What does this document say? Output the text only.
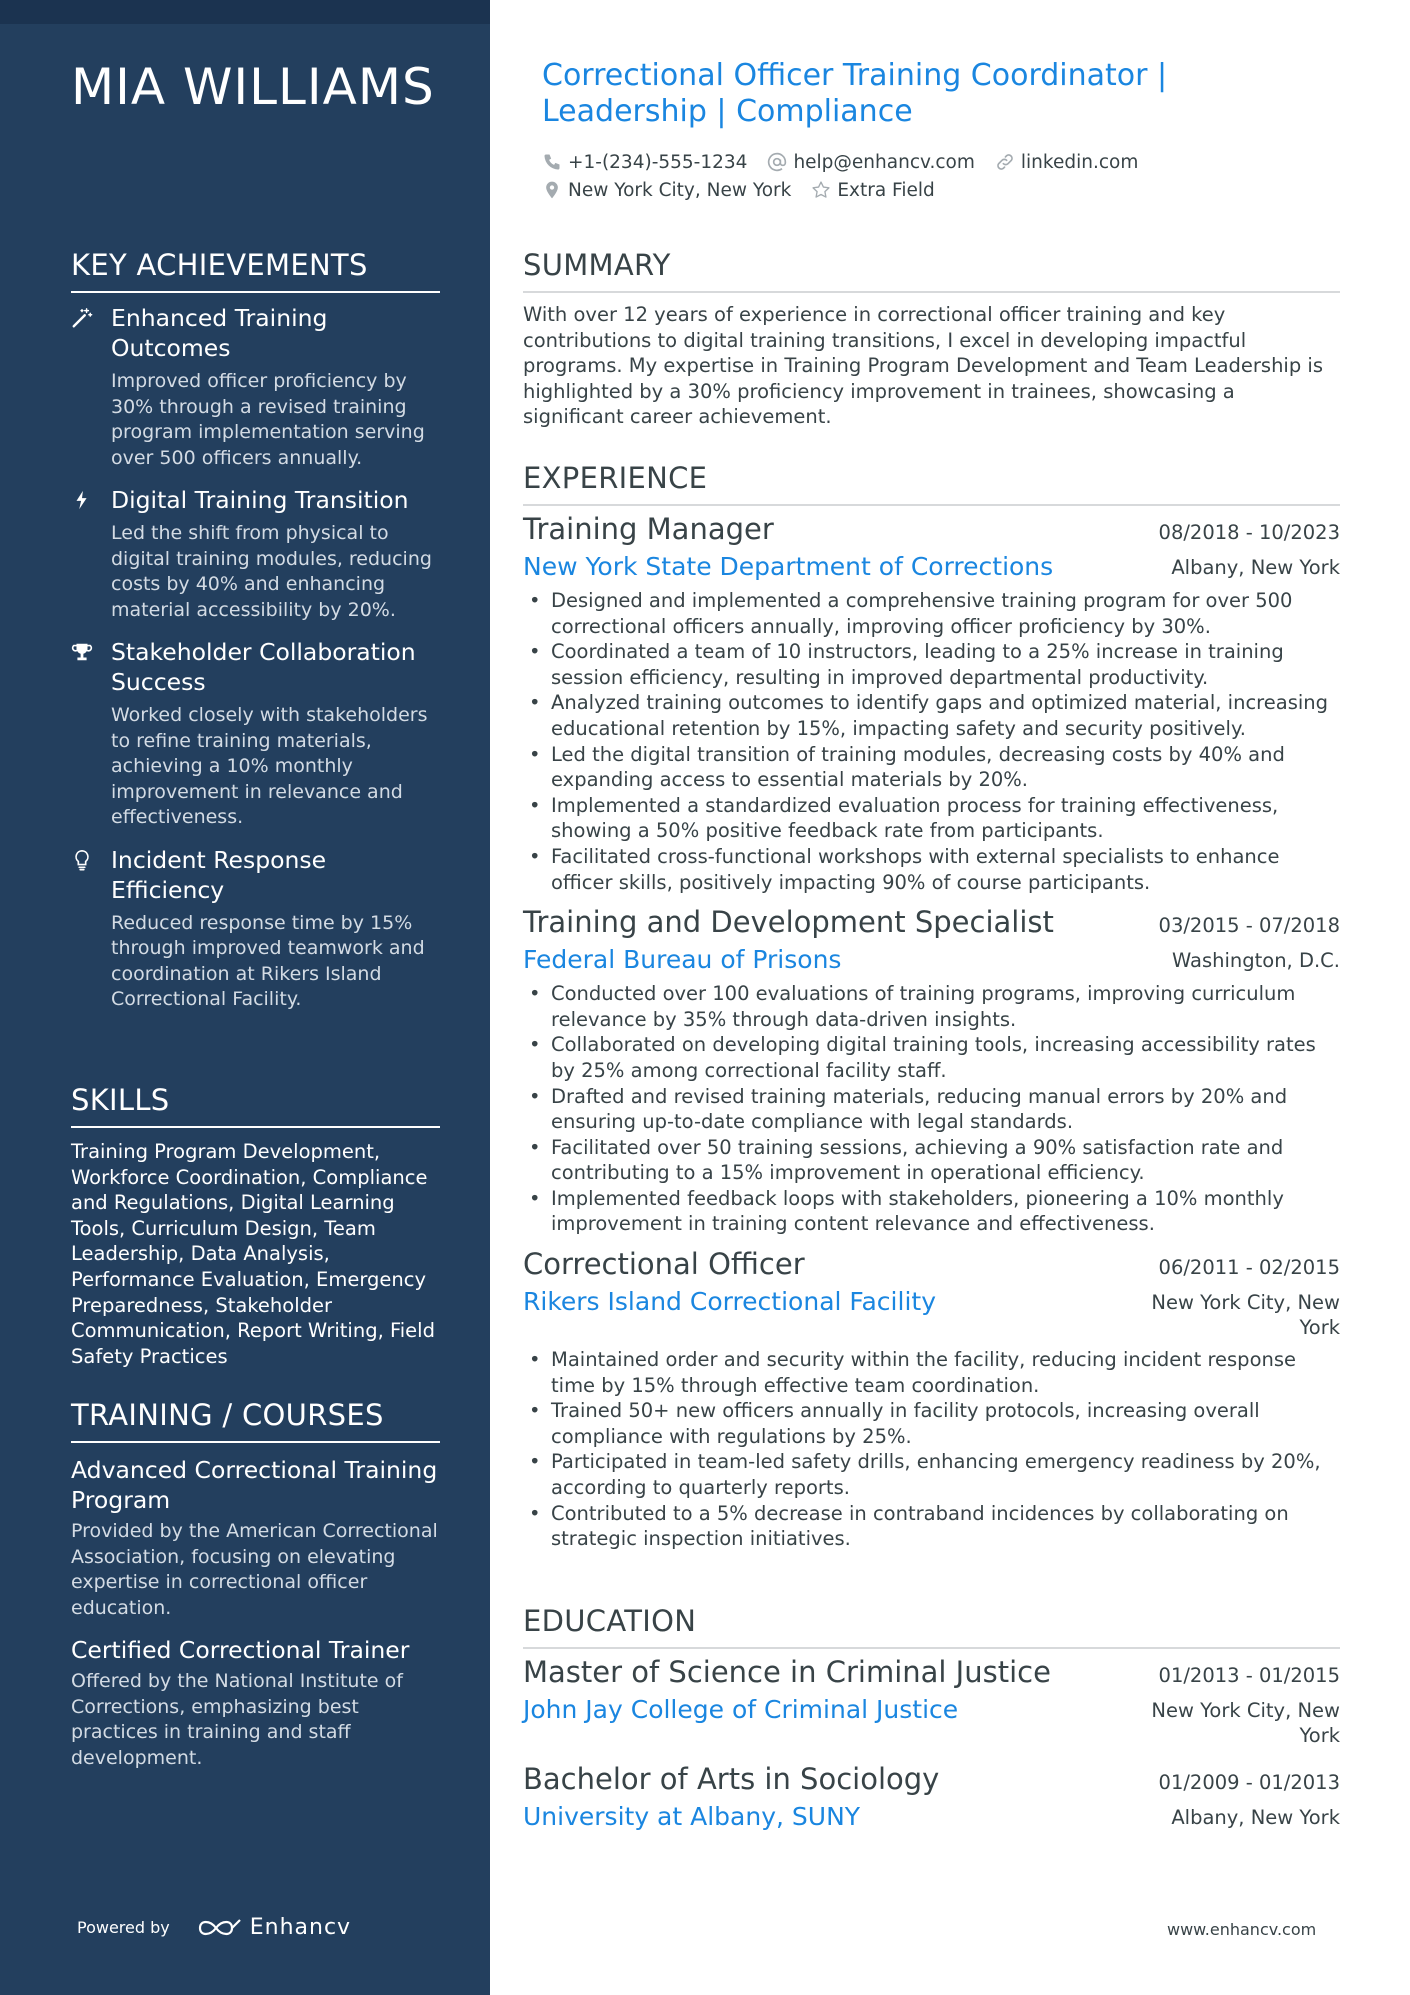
MIA WILLIAMS
KEY ACHIEVEMENTS
Enhanced Training Outcomes
Improved officer proficiency by 30% through a revised training program implementation serving over 500 officers annually.
Digital Training Transition
Led the shift from physical to digital training modules, reducing costs by 40% and enhancing material accessibility by 20%.
Stakeholder Collaboration Success
Worked closely with stakeholders to refine training materials, achieving a 10% monthly improvement in relevance and effectiveness.
Incident Response Efficiency
Reduced response time by 15% through improved teamwork and coordination at Rikers Island Correctional Facility.
SKILLS
Training Program Development, Workforce Coordination, Compliance and Regulations, Digital Learning Tools, Curriculum Design, Team Leadership, Data Analysis, Performance Evaluation, Emergency Preparedness, Stakeholder Communication, Report Writing, Field Safety Practices
TRAINING / COURSES
Advanced Correctional Training Program
Provided by the American Correctional Association, focusing on elevating expertise in correctional officer education.
Certified Correctional Trainer
Offered by the National Institute of Corrections, emphasizing best practices in training and staff development.
Powered by	Enhancv
Correctional Officer Training Coordinator | Leadership | Compliance
+1-(234)-555-1234 help@enhancv.com linkedin.com
New York City, New York Extra Field
SUMMARY
With over 12 years of experience in correctional officer training and key contributions to digital training transitions, I excel in developing impactful programs. My expertise in Training Program Development and Team Leadership is highlighted by a 30% proficiency improvement in trainees, showcasing a significant career achievement.
EXPERIENCE
Training Manager	08/2018 - 10/2023
New York State Department of Corrections	Albany, New York
• Designed and implemented a comprehensive training program for over 500 correctional officers annually, improving officer proficiency by 30%.
• Coordinated a team of 10 instructors, leading to a 25% increase in training session efficiency, resulting in improved departmental productivity.
• Analyzed training outcomes to identify gaps and optimized material, increasing educational retention by 15%, impacting safety and security positively.
• Led the digital transition of training modules, decreasing costs by 40% and expanding access to essential materials by 20%.
• Implemented a standardized evaluation process for training effectiveness, showing a 50% positive feedback rate from participants.
• Facilitated cross-functional workshops with external specialists to enhance officer skills, positively impacting 90% of course participants.
Training and Development Specialist	03/2015 - 07/2018
Federal Bureau of Prisons	Washington, D.C.
• Conducted over 100 evaluations of training programs, improving curriculum relevance by 35% through data-driven insights.
• Collaborated on developing digital training tools, increasing accessibility rates by 25% among correctional facility staff.
• Drafted and revised training materials, reducing manual errors by 20% and ensuring up-to-date compliance with legal standards.
• Facilitated over 50 training sessions, achieving a 90% satisfaction rate and contributing to a 15% improvement in operational efficiency.
• Implemented feedback loops with stakeholders, pioneering a 10% monthly improvement in training content relevance and effectiveness.
Correctional Officer	06/2011 - 02/2015
Rikers Island Correctional Facility	New York City, New York
• Maintained order and security within the facility, reducing incident response time by 15% through effective team coordination.
• Trained 50+ new officers annually in facility protocols, increasing overall compliance with regulations by 25%.
• Participated in team-led safety drills, enhancing emergency readiness by 20%, according to quarterly reports.
• Contributed to a 5% decrease in contraband incidences by collaborating on strategic inspection initiatives.
EDUCATION
Master of Science in Criminal Justice	01/2013 - 01/2015
John Jay College of Criminal Justice	New York City, New York
Bachelor of Arts in Sociology	01/2009 - 01/2013
University at Albany, SUNY	Albany, New York
www.enhancv.com
